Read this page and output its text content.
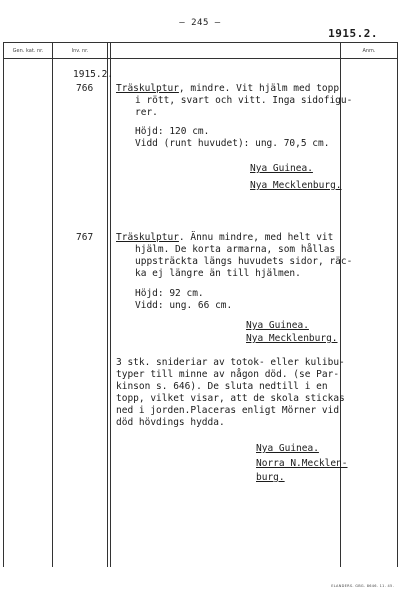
— 245 —
1915.2.
Gen. kat. nr.	Inv. nr.	Anm.
1915.2.
766 Träskulptur, mindre. Vit hjälm med topp
i rött, svart och vitt. Inga sidofigu-
rer.
Höjd: 120 cm.
Vidd (runt huvudet): ung. 70,5 cm.
Nya Guinea.
Nya Mecklenburg.
767 Träskulptur. Ännu mindre, med helt vit
hjälm. De korta armarna, som hållas
uppsträckta längs huvudets sidor, räc-
ka ej längre än till hjälmen.
Höjd: 92 cm.
Vidd: ung. 66 cm.
Nya Guinea.
Nya Mecklenburg.
3 stk. snideriar av totok- eller kulibu-
typer till minne av någon död. (se Par-
kinson s. 646). De sluta nedtill i en
topp, vilket visar, att de skola stickas
ned i jorden.Placeras enligt Mörner vid
död hövdings hydda.
Nya Guinea.
Norra N.Mecklen-
burg.
ELANDERS. GBG. 8646. 11. 45.
